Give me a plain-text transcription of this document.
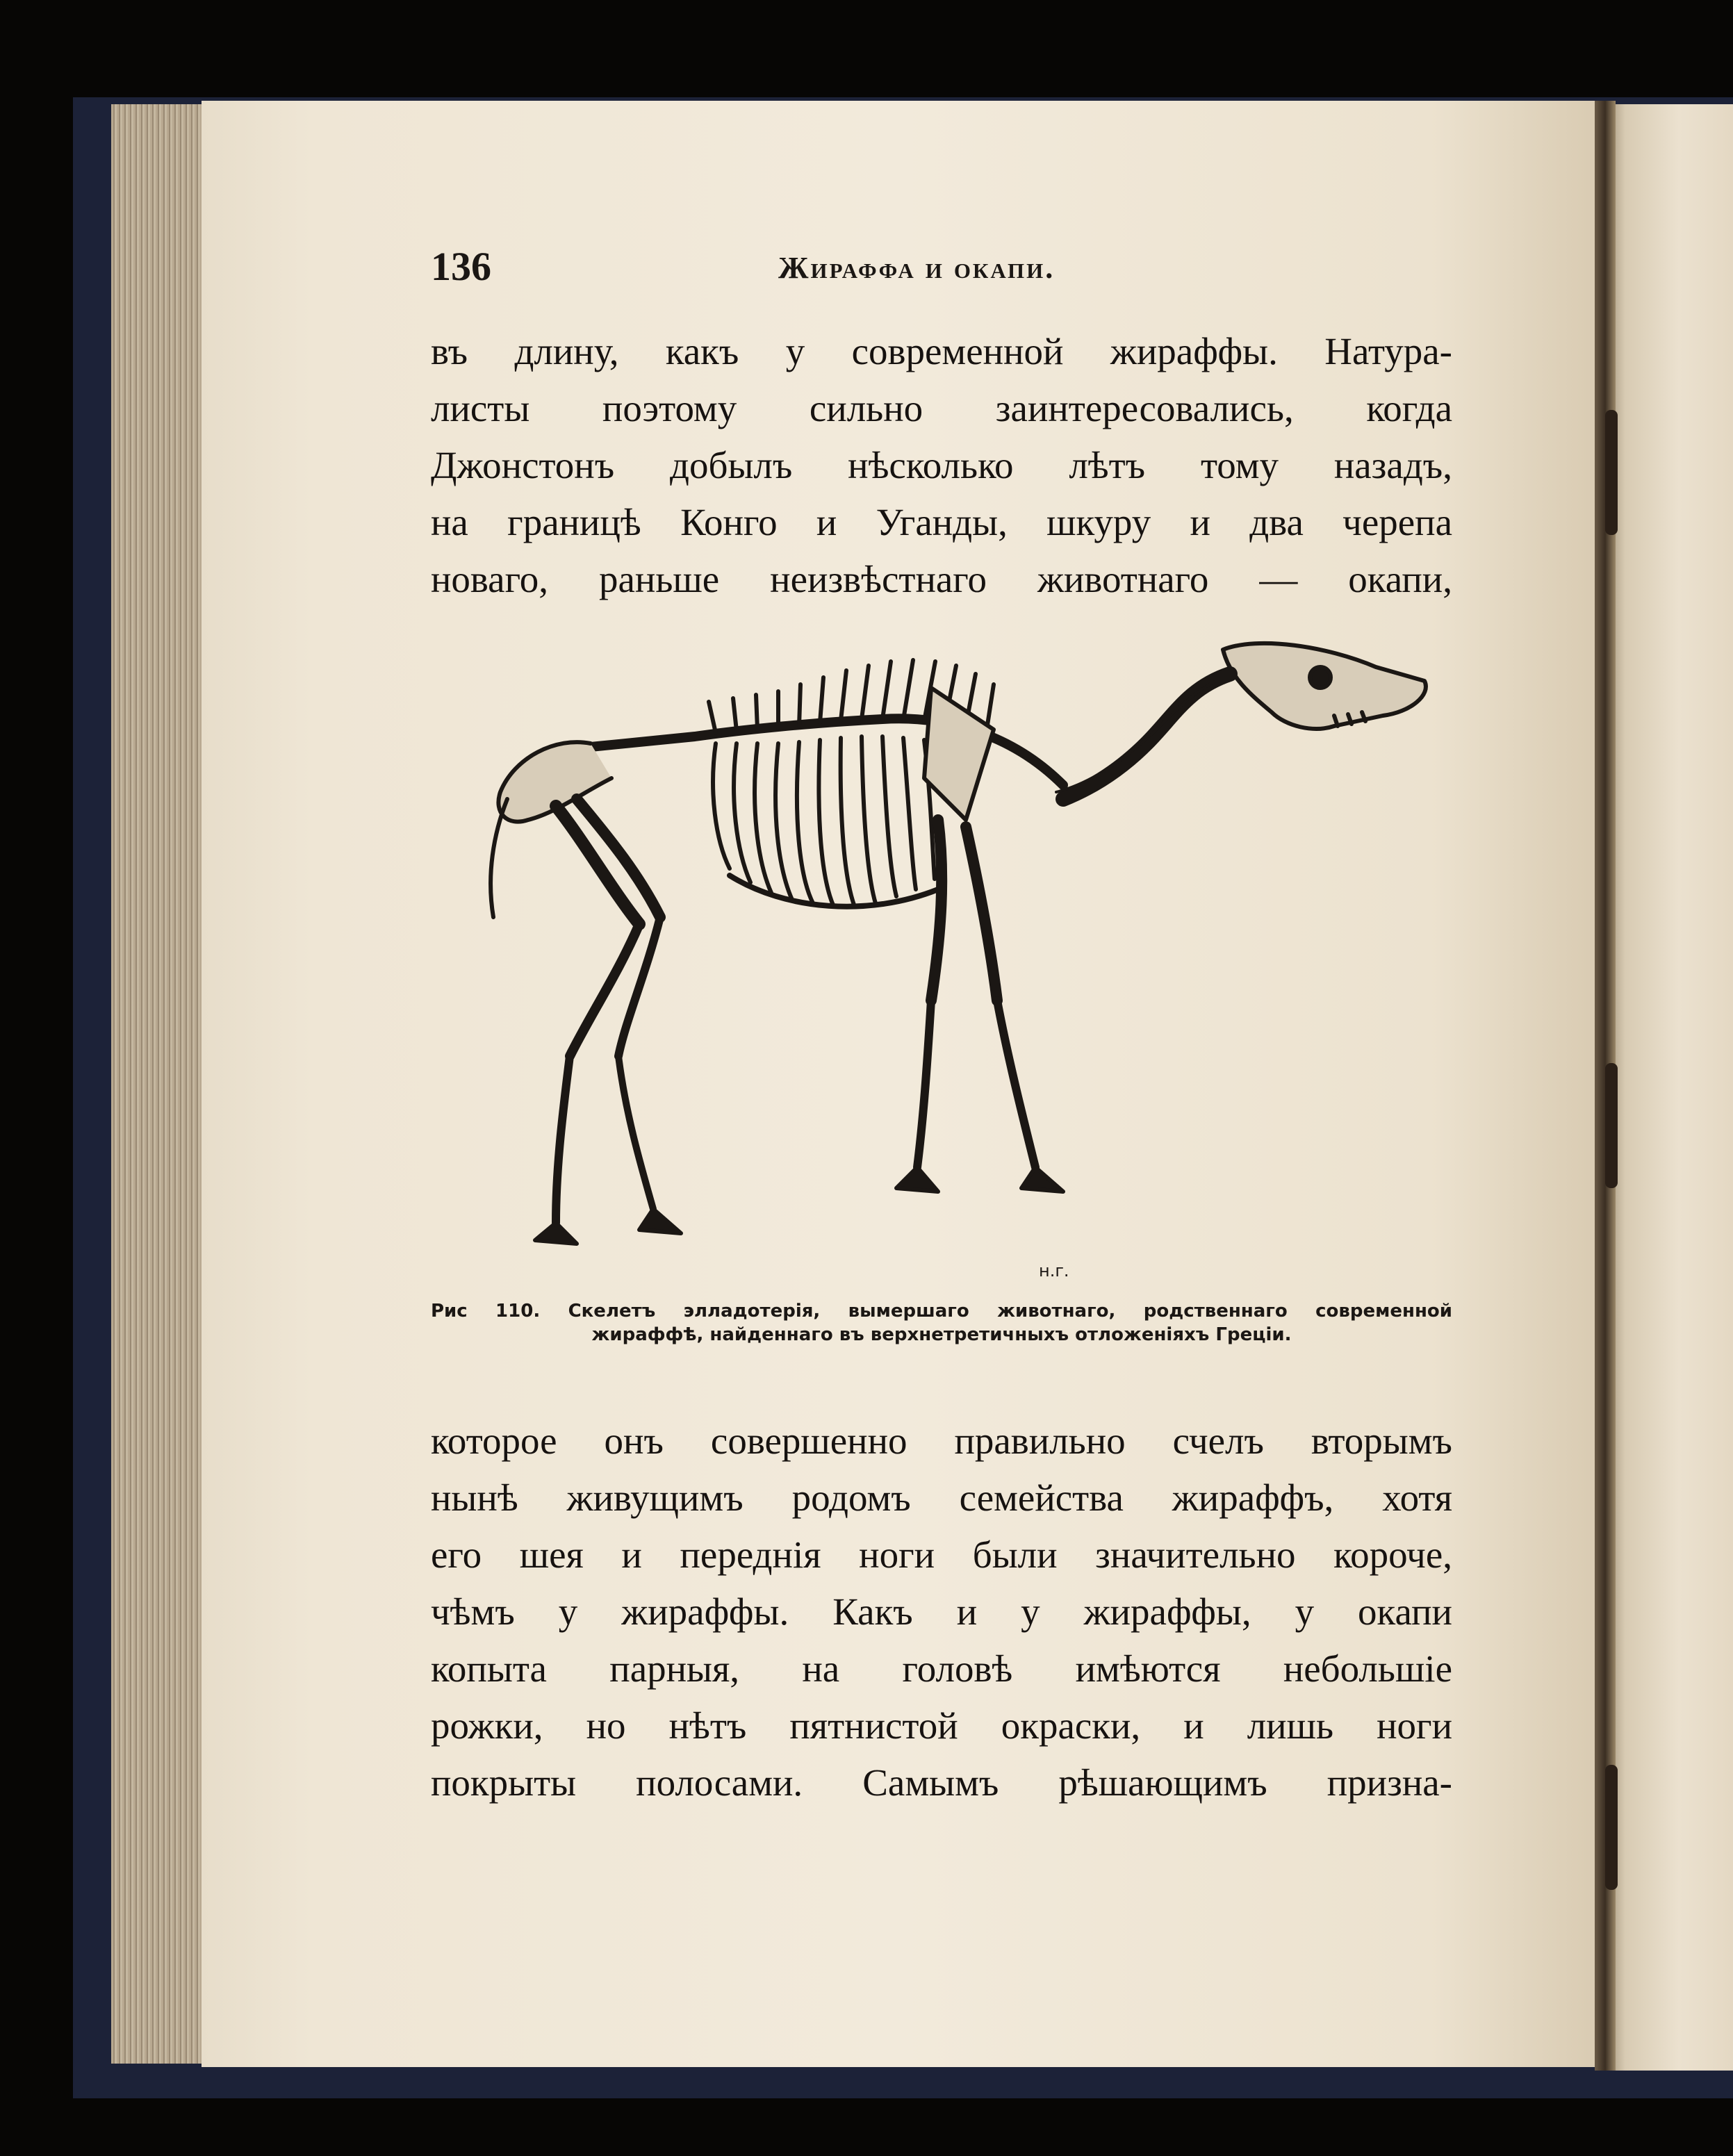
136	Жираффа и окапи.
въ длину, какъ у современной жираффы. Натура-
листы поэтому сильно заинтересовались, когда
Джонстонъ добылъ нѣсколько лѣтъ тому назадъ,
на границѣ Конго и Уганды, шкуру и два черепа
новаго, раньше неизвѣстнаго животнаго — окапи,
н.г.
Рис 110. Скелетъ элладотерія, вымершаго животнаго, родственнаго современной
жираффѣ, найденнаго въ верхнетретичныхъ отложеніяхъ Греціи.
которое онъ совершенно правильно счелъ вторымъ
нынѣ живущимъ родомъ семейства жираффъ, хотя
его шея и переднія ноги были значительно короче,
чѣмъ у жираффы. Какъ и у жираффы, у окапи
копыта парныя, на головѣ имѣются небольшіе
рожки, но нѣтъ пятнистой окраски, и лишь ноги
покрыты полосами. Самымъ рѣшающимъ призна-
